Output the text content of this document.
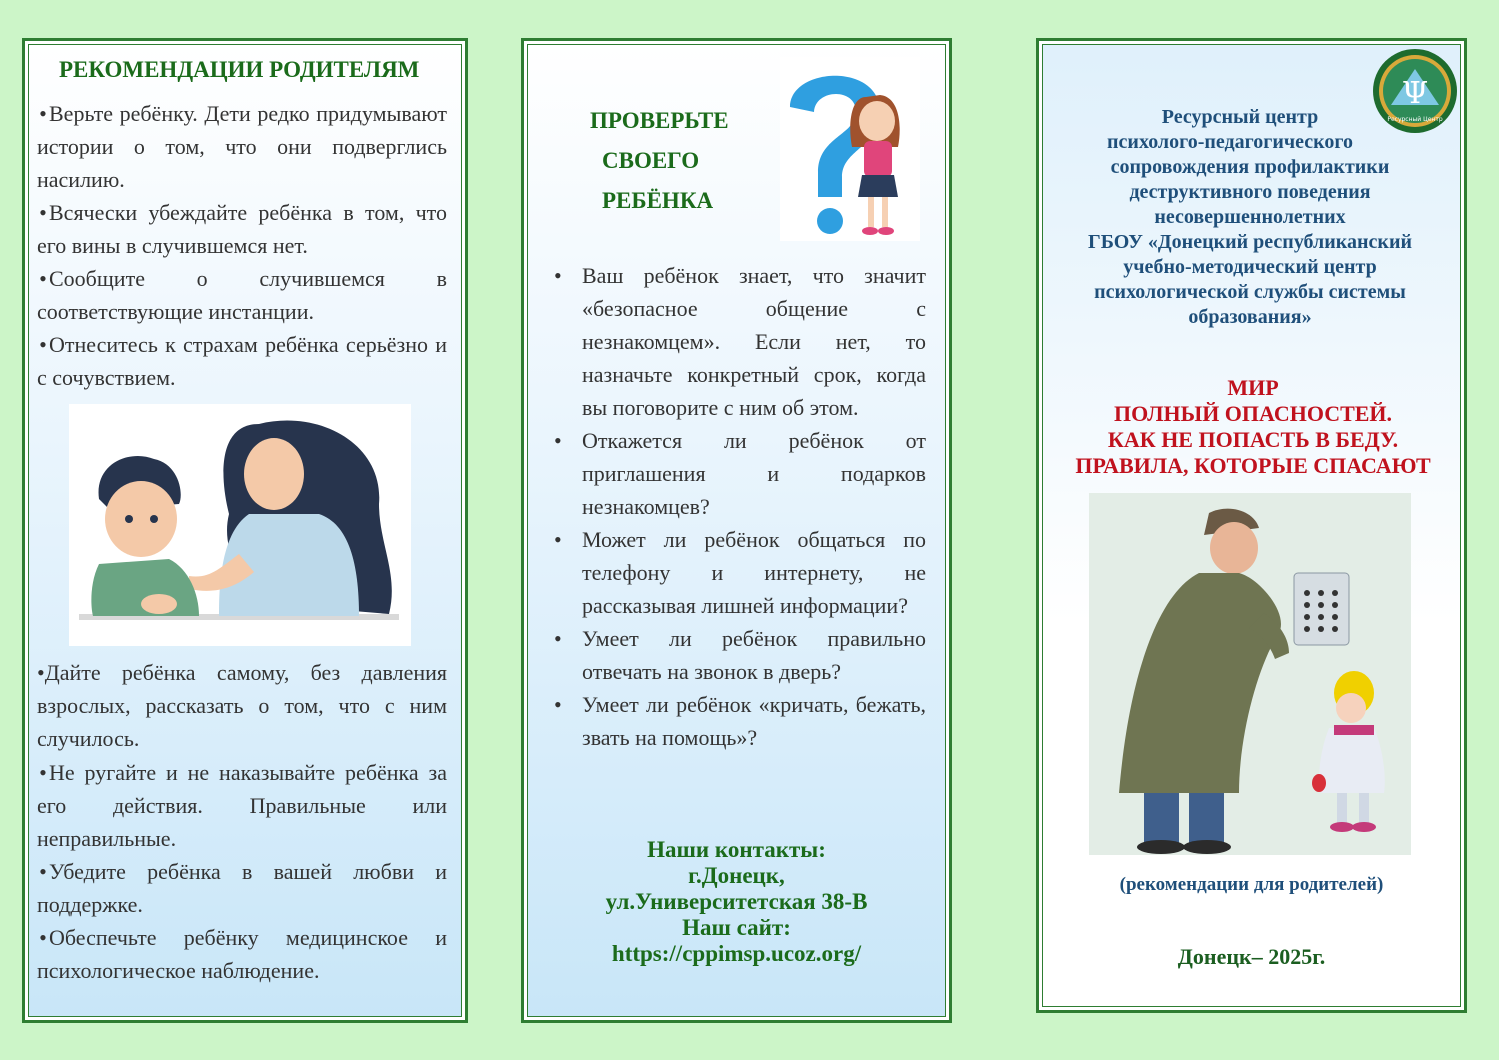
РЕКОМЕНДАЦИИ РОДИТЕЛЯМ

•Верьте ребёнку. Дети редко придумывают истории о том, что они подверглись насилию.

•Всячески убеждайте ребёнка в том, что его вины в случившемся нет.

•Сообщите о случившемся в соответствующие инстанции.

•Отнеситесь к страхам ребёнка серьёзно и с сочувствием.

•Дайте ребёнка самому, без давления взрослых, рассказать о том, что с ним случилось.

•Не ругайте и не наказывайте ребёнка за его действия. Правильные или неправильные.

•Убедите ребёнка в вашей любви и поддержке.

•Обеспечьте ребёнку медицинское и психологическое наблюдение.

ПРОВЕРЬТЕ
СВОЕГО
РЕБЁНКА
• Ваш ребёнок знает, что значит «безопасное общение с незнакомцем». Если нет, то назначьте конкретный срок, когда вы поговорите с ним об этом.
• Откажется ли ребёнок от приглашения и подарков незнакомцев?
• Может ли ребёнок общаться по телефону и интернету, не рассказывая лишней информации?
• Умеет ли ребёнок правильно отвечать на звонок в дверь?
• Умеет ли ребёнок «кричать, бежать, звать на помощь»?
Наши контакты:
г.Донецк,
ул.Университетская 38-В
Наш сайт:
https://cppimsp.ucoz.org/
Ψ
Ресурсный Центр
Ресурсный центр
психолого-педагогического
сопровождения профилактики
деструктивного поведения
несовершеннолетних
ГБОУ «Донецкий республиканский
учебно-методический центр
психологической службы системы
образования»
МИР
ПОЛНЫЙ ОПАСНОСТЕЙ.
КАК НЕ ПОПАСТЬ В БЕДУ.
ПРАВИЛА, КОТОРЫЕ СПАСАЮТ
(рекомендации для родителей)
Донецк– 2025г.
